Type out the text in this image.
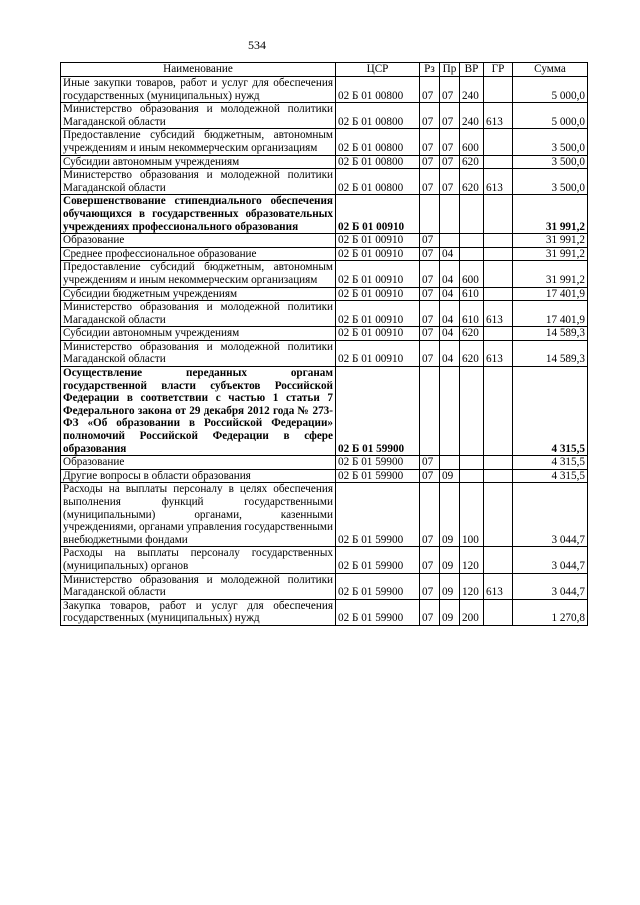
534
Наименование	ЦСР	Рз	Пр	ВР	ГР	Сумма
Иные закупки товаров, работ и услуг для обеспечения государственных (муниципальных) нужд	02 Б 01 00800	07	07	240		5 000,0
Министерство образования и молодежной политики Магаданской области	02 Б 01 00800	07	07	240	613	5 000,0
Предоставление субсидий бюджетным, автономным учреждениям и иным некоммерческим организациям	02 Б 01 00800	07	07	600		3 500,0
Субсидии автономным учреждениям	02 Б 01 00800	07	07	620		3 500,0
Министерство образования и молодежной политики Магаданской области	02 Б 01 00800	07	07	620	613	3 500,0
Совершенствование стипендиального обеспечения обучающихся в государственных образовательных учреждениях профессионального образования	02 Б 01 00910					31 991,2
Образование	02 Б 01 00910	07				31 991,2
Среднее профессиональное образование	02 Б 01 00910	07	04			31 991,2
Предоставление субсидий бюджетным, автономным учреждениям и иным некоммерческим организациям	02 Б 01 00910	07	04	600		31 991,2
Субсидии бюджетным учреждениям	02 Б 01 00910	07	04	610		17 401,9
Министерство образования и молодежной политики Магаданской области	02 Б 01 00910	07	04	610	613	17 401,9
Субсидии автономным учреждениям	02 Б 01 00910	07	04	620		14 589,3
Министерство образования и молодежной политики Магаданской области	02 Б 01 00910	07	04	620	613	14 589,3
Осуществление переданных органам государственной власти субъектов Российской Федерации в соответствии с частью 1 статьи 7 Федерального закона от 29 декабря 2012 года № 273-ФЗ «Об образовании в Российской Федерации» полномочий Российской Федерации в сфере образования	02 Б 01 59900					4 315,5
Образование	02 Б 01 59900	07				4 315,5
Другие вопросы в области образования	02 Б 01 59900	07	09			4 315,5
Расходы на выплаты персоналу в целях обеспечения выполнения функций государственными (муниципальными) органами, казенными учреждениями, органами управления государственными внебюджетными фондами	02 Б 01 59900	07	09	100		3 044,7
Расходы на выплаты персоналу государственных (муниципальных) органов	02 Б 01 59900	07	09	120		3 044,7
Министерство образования и молодежной политики Магаданской области	02 Б 01 59900	07	09	120	613	3 044,7
Закупка товаров, работ и услуг для обеспечения государственных (муниципальных) нужд	02 Б 01 59900	07	09	200		1 270,8
